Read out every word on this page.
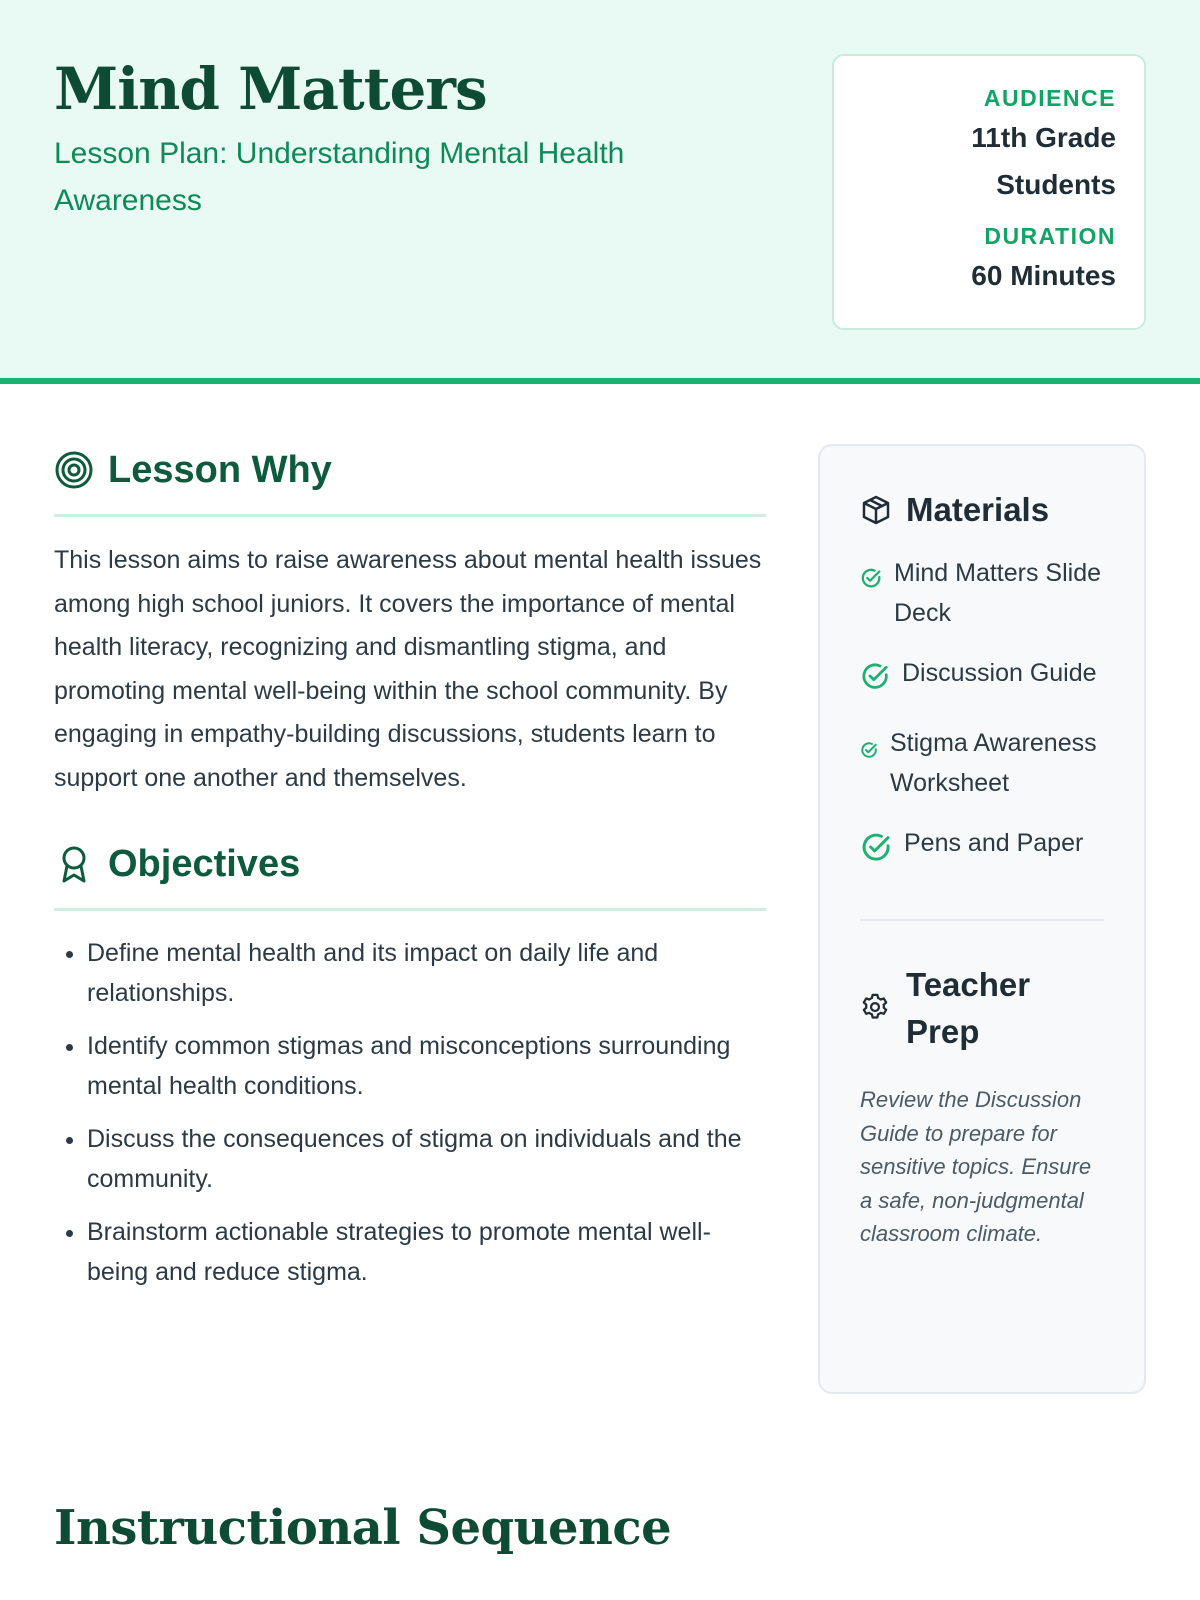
Mind Matters
Lesson Plan: Understanding Mental Health Awareness
AUDIENCE
11th Grade
Students
DURATION
60 Minutes
Lesson Why

This lesson aims to raise awareness about mental health issues among high school juniors. It covers the importance of mental health literacy, recognizing and dismantling stigma, and promoting mental well-being within the school community. By engaging in empathy-building discussions, students learn to support one another and themselves.

Objectives
• Define mental health and its impact on daily life and relationships.
• Identify common stigmas and misconceptions surrounding mental health conditions.
• Discuss the consequences of stigma on individuals and the community.
• Brainstorm actionable strategies to promote mental well-being and reduce stigma.
Materials
Mind Matters Slide Deck
Discussion Guide
Stigma Awareness Worksheet
Pens and Paper
Teacher Prep
Review the Discussion Guide to prepare for sensitive topics. Ensure a safe, non-judgmental classroom climate.
Instructional Sequence
